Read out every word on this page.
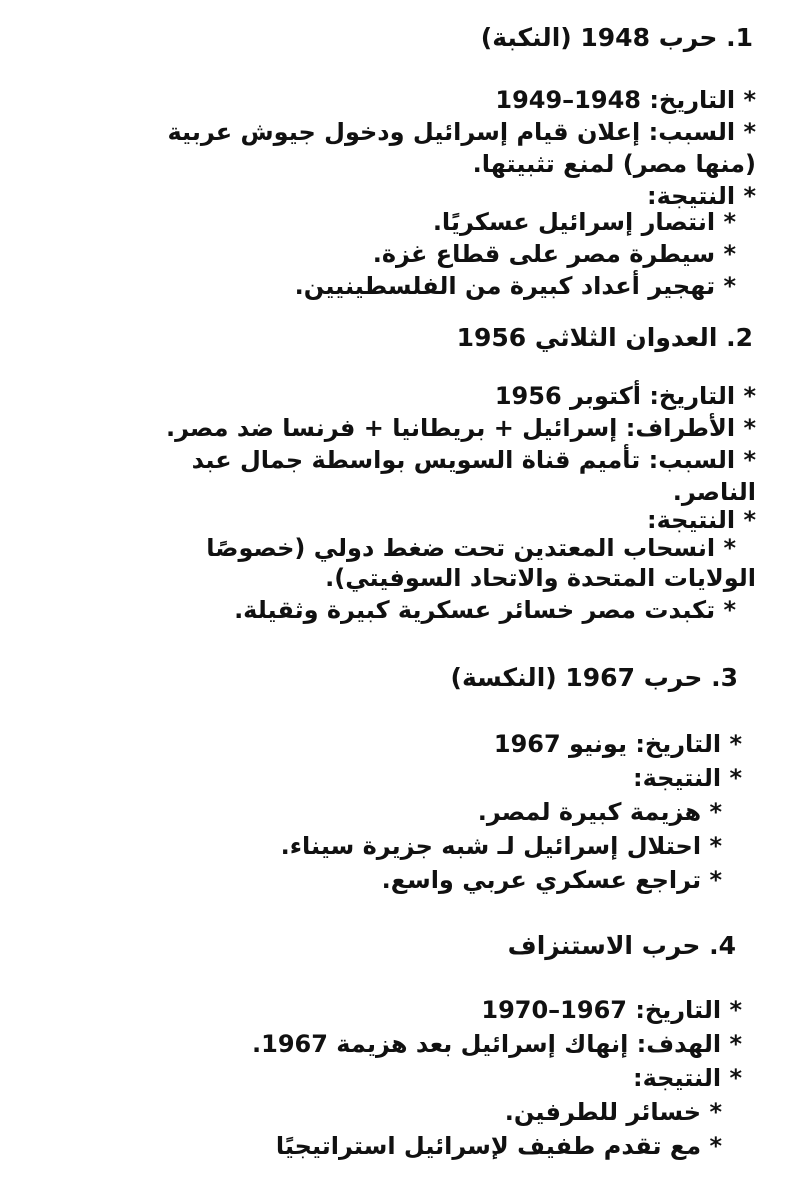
1. حرب 1948 (النكبة)
* التاريخ: 1948–1949
* السبب: إعلان قيام إسرائيل ودخول جيوش عربية
(منها مصر) لمنع تثبيتها.
* النتيجة:
* انتصار إسرائيل عسكريًا.
* سيطرة مصر على قطاع غزة.
* تهجير أعداد كبيرة من الفلسطينيين.
2. العدوان الثلاثي 1956
* التاريخ: أكتوبر 1956
* الأطراف: إسرائيل + بريطانيا + فرنسا ضد مصر.
* السبب: تأميم قناة السويس بواسطة جمال عبد
الناصر.
* النتيجة:
* انسحاب المعتدين تحت ضغط دولي (خصوصًا
الولايات المتحدة والاتحاد السوفيتي).
* تكبدت مصر خسائر عسكرية كبيرة وثقيلة.
3. حرب 1967 (النكسة)
* التاريخ: يونيو 1967
* النتيجة:
* هزيمة كبيرة لمصر.
* احتلال إسرائيل لـ شبه جزيرة سيناء.
* تراجع عسكري عربي واسع.
4. حرب الاستنزاف
* التاريخ: 1967–1970
* الهدف: إنهاك إسرائيل بعد هزيمة 1967.
* النتيجة:
* خسائر للطرفين.
* مع تقدم طفيف لإسرائيل استراتيجيًا
